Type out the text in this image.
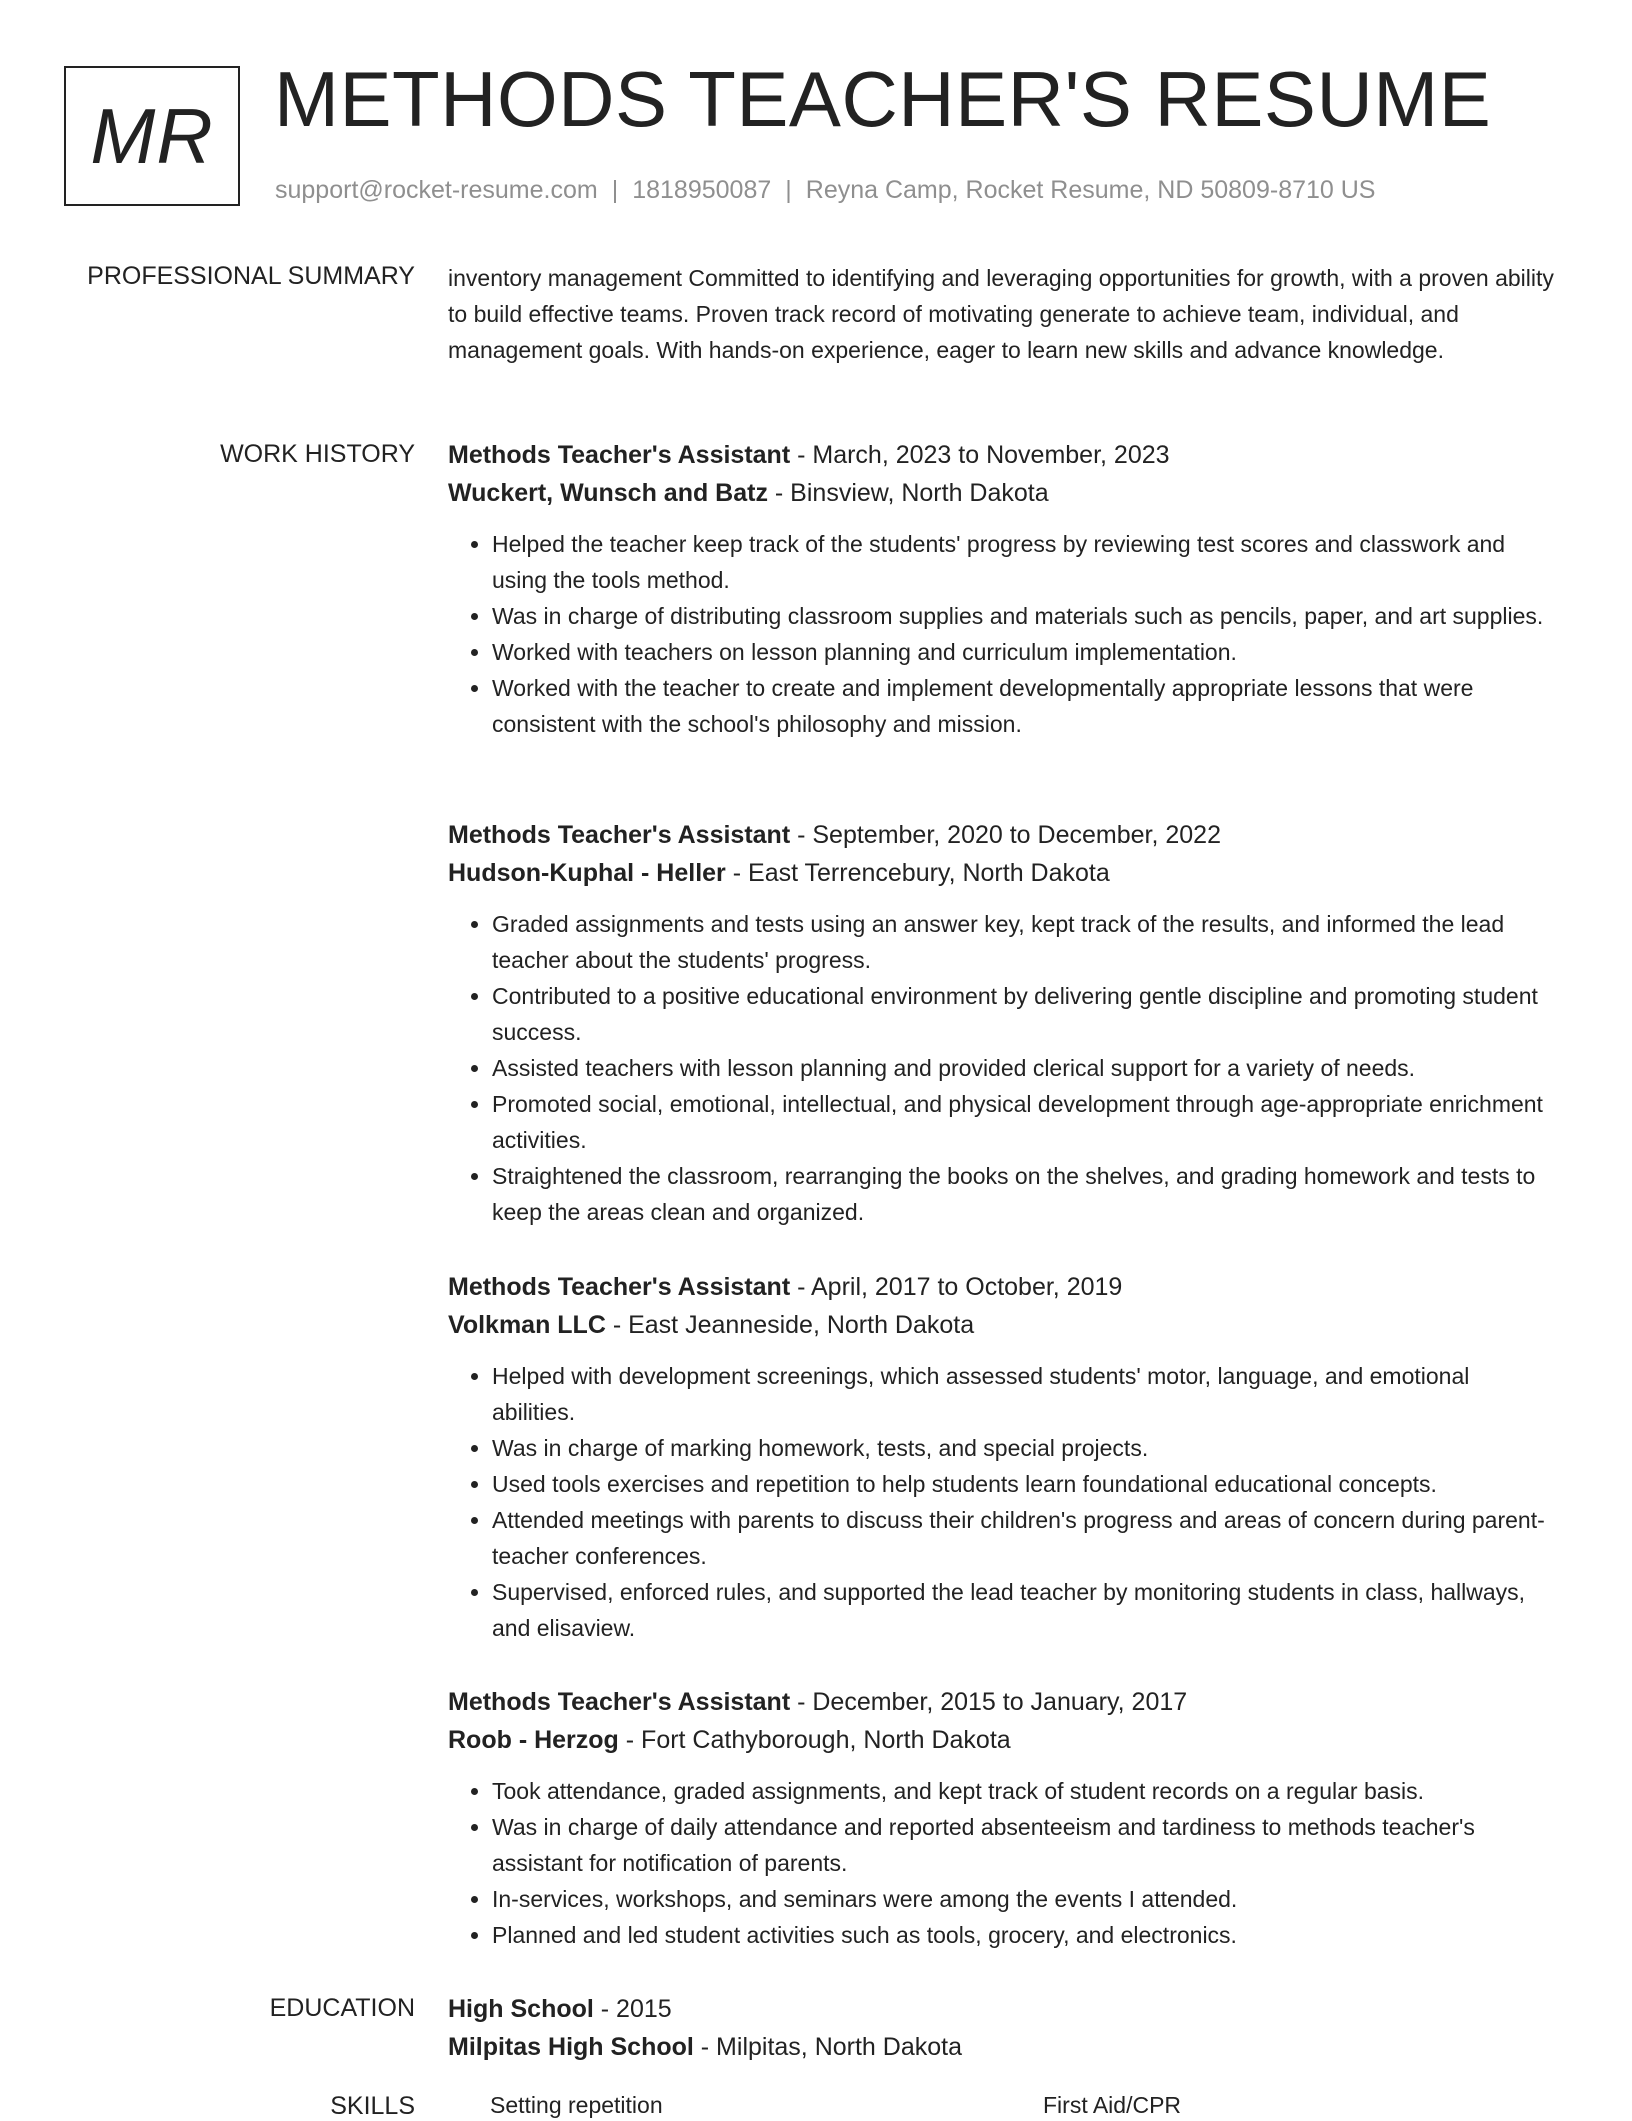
MR METHODS TEACHER'S RESUME
support@rocket-resume.com | 1818950087 | Reyna Camp, Rocket Resume, ND 50809-8710 US
PROFESSIONAL SUMMARY inventory management Committed to identifying and leveraging opportunities for growth, with a proven ability to build effective teams. Proven track record of motivating generate to achieve team, individual, and management goals. With hands-on experience, eager to learn new skills and advance knowledge.
WORK HISTORY Methods Teacher's Assistant - March, 2023 to November, 2023
Wuckert, Wunsch and Batz - Binsview, North Dakota
• Helped the teacher keep track of the students' progress by reviewing test scores and classwork and using the tools method.
• Was in charge of distributing classroom supplies and materials such as pencils, paper, and art supplies.
• Worked with teachers on lesson planning and curriculum implementation.
• Worked with the teacher to create and implement developmentally appropriate lessons that were consistent with the school's philosophy and mission.
Methods Teacher's Assistant - September, 2020 to December, 2022
Hudson-Kuphal - Heller - East Terrencebury, North Dakota
• Graded assignments and tests using an answer key, kept track of the results, and informed the lead teacher about the students' progress.
• Contributed to a positive educational environment by delivering gentle discipline and promoting student success.
• Assisted teachers with lesson planning and provided clerical support for a variety of needs.
• Promoted social, emotional, intellectual, and physical development through age-appropriate enrichment activities.
• Straightened the classroom, rearranging the books on the shelves, and grading homework and tests to keep the areas clean and organized.
Methods Teacher's Assistant - April, 2017 to October, 2019
Volkman LLC - East Jeanneside, North Dakota
• Helped with development screenings, which assessed students' motor, language, and emotional abilities.
• Was in charge of marking homework, tests, and special projects.
• Used tools exercises and repetition to help students learn foundational educational concepts.
• Attended meetings with parents to discuss their children's progress and areas of concern during parent-teacher conferences.
• Supervised, enforced rules, and supported the lead teacher by monitoring students in class, hallways, and elisaview.
Methods Teacher's Assistant - December, 2015 to January, 2017
Roob - Herzog - Fort Cathyborough, North Dakota
• Took attendance, graded assignments, and kept track of student records on a regular basis.
• Was in charge of daily attendance and reported absenteeism and tardiness to methods teacher's assistant for notification of parents.
• In-services, workshops, and seminars were among the events I attended.
• Planned and led student activities such as tools, grocery, and electronics.
EDUCATION High School - 2015
Milpitas High School - Milpitas, North Dakota
SKILLS	Setting repetition	First Aid/CPR
